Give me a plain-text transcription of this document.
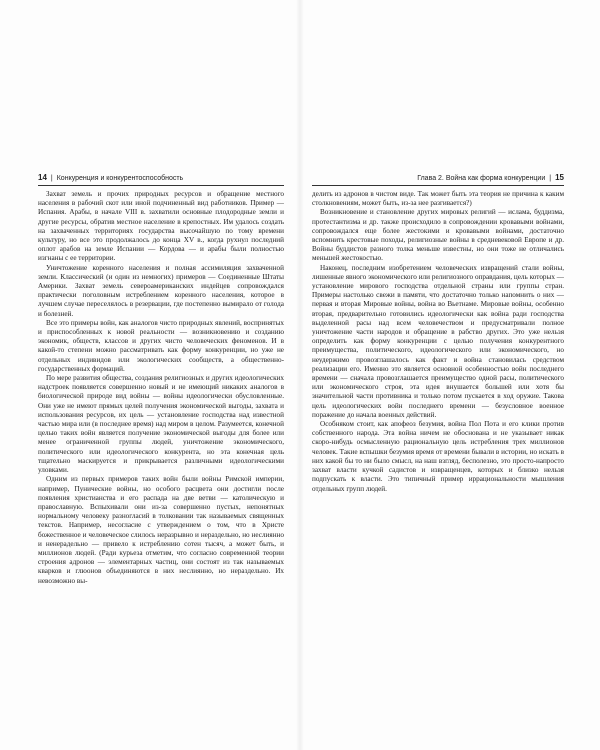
14 | Конкуренция и конкурентоспособность

Захват земель и прочих природных ресурсов и обращение местного населения в рабочий скот или иной подчиненный вид работников. Пример — Испания. Арабы, в начале VIII в. захватили основные плодородные земли и другие ресурсы, обратив местное население в крепостных. Им удалось создать на захваченных территориях государства высочайшую по тому времени культуру, но все это продолжалось до конца XV в., когда рухнул последний оплот арабов на земле Испании — Кордова — и арабы были полностью изгнаны с ее территории.

Уничтожение коренного населения и полная ассимиляция захваченной земли. Классический (и один из немногих) примеров — Соединенные Штаты Америки. Захват земель североамериканских индейцев сопровождался практически поголовным истреблением коренного населения, которое в лучшем случае переселялось в резервации, где постепенно вымирало от голода и болезней.

Все это примеры войн, как аналогов чисто природных явлений, воспринятых и приспособленных к новой реальности — возникновению и созданию экономик, обществ, классов и других чисто человеческих феноменов. И в какой-то степени можно рассматривать как форму конкуренции, но уже не отдельных индивидов или экологических сообществ, а общественно-государственных формаций.

По мере развития общества, создания религиозных и других идеологических надстроек появляется совершенно новый и не имеющий никаких аналогов в биологической природе вид войны — войны идеологически обусловленные. Они уже не имеют прямых целей получения экономической выгоды, захвата и использования ресурсов, их цель — установление господства над известной частью мира или (в последнее время) над миром в целом. Разумеется, конечной целью таких войн является получение экономической выгоды для более или менее ограниченной группы людей, уничтожение экономического, политического или идеологического конкурента, но эта конечная цель тщательно маскируется и прикрывается различными идеологическими уловками.

Одним из первых примеров таких войн были войны Римской империи, например, Пунические войны, но особого расцвета они достигли после появления христианства и его распада на две ветви — католическую и православную. Вспыхивали они из-за совершенно пустых, непонятных нормальному человеку разногласий в толковании так называемых священных текстов. Например, несогласие с утверждением о том, что в Христе божественное и человеческое слилось неразрывно и нераздельно, но неслиянно и ненерадельно — привело к истреблению сотен тысяч, а может быть, и миллионов людей. (Ради курьеза отметим, что согласно современной теории строения адронов — элементарных частиц, они состоят из так называемых кварков и глюонов объединяются в них неслиянно, но нераздельно. Их невозможно вы-

Глава 2. Война как форма конкуренции | 15

делить из адронов в чистом виде. Так может быть эта теория не причина к каким столкновениям, может быть, из-за нее разгивается?)

Возникновение и становление других мировых религий — ислама, буддизма, протестантизма и др. также происходило в сопровождении кровавыми войнами, сопровождался еще более жестокими и кровавыми войнами, достаточно вспомнить крестовые походы, религиозные войны в средневековой Европе и др. Войны буддистов разного толка меньше известны, но они тоже не отличались меньшей жестокостью.

Наконец, последним изобретением человеческих извращений стали войны, лишенные явного экономического или религиозного оправдания, цель которых — установление мирового господства отдельной страны или группы стран. Примеры настолько свежи в памяти, что достаточно только напомнить о них — первая и вторая Мировые войны, война во Вьетнаме. Мировые войны, особенно вторая, предварительно готовились идеологически как война ради господства выделенной расы над всем человечеством и предусматривали полное уничтожение части народов и обращение в рабство других. Это уже нельзя определить как форму конкуренции с целью получения конкурентного преимущества, политического, идеологического или экономического, но неудержимо провозглашалось как факт и война становилась средством реализации его. Именно это является основной особенностью войн последнего времени — сначала провозглашается преимущество одной расы, политического или экономического строя, эта идея внушается большей или хотя бы значительной части противника и только потом пускается в ход оружие. Такова цель идеологических войн последнего времени — безусловное военное поражение до начала военных действий.

Особняком стоит, как апофеоз безумия, война Пол Пота и его клики против собственного народа. Эта война ничем не обоснована и не указывает никак скоро-нибудь осмысленную рациональную цель истребления трех миллионов человек. Такие вспышки безумия время от времени бывали в истории, но искать в них какой бы то ни было смысл, на наш взгляд, бесполезно, это просто-напросто захват власти кучкой садистов и извращенцев, которых и близко нельзя подпускать к власти. Это типичный пример иррациональности мышления отдельных групп людей.
